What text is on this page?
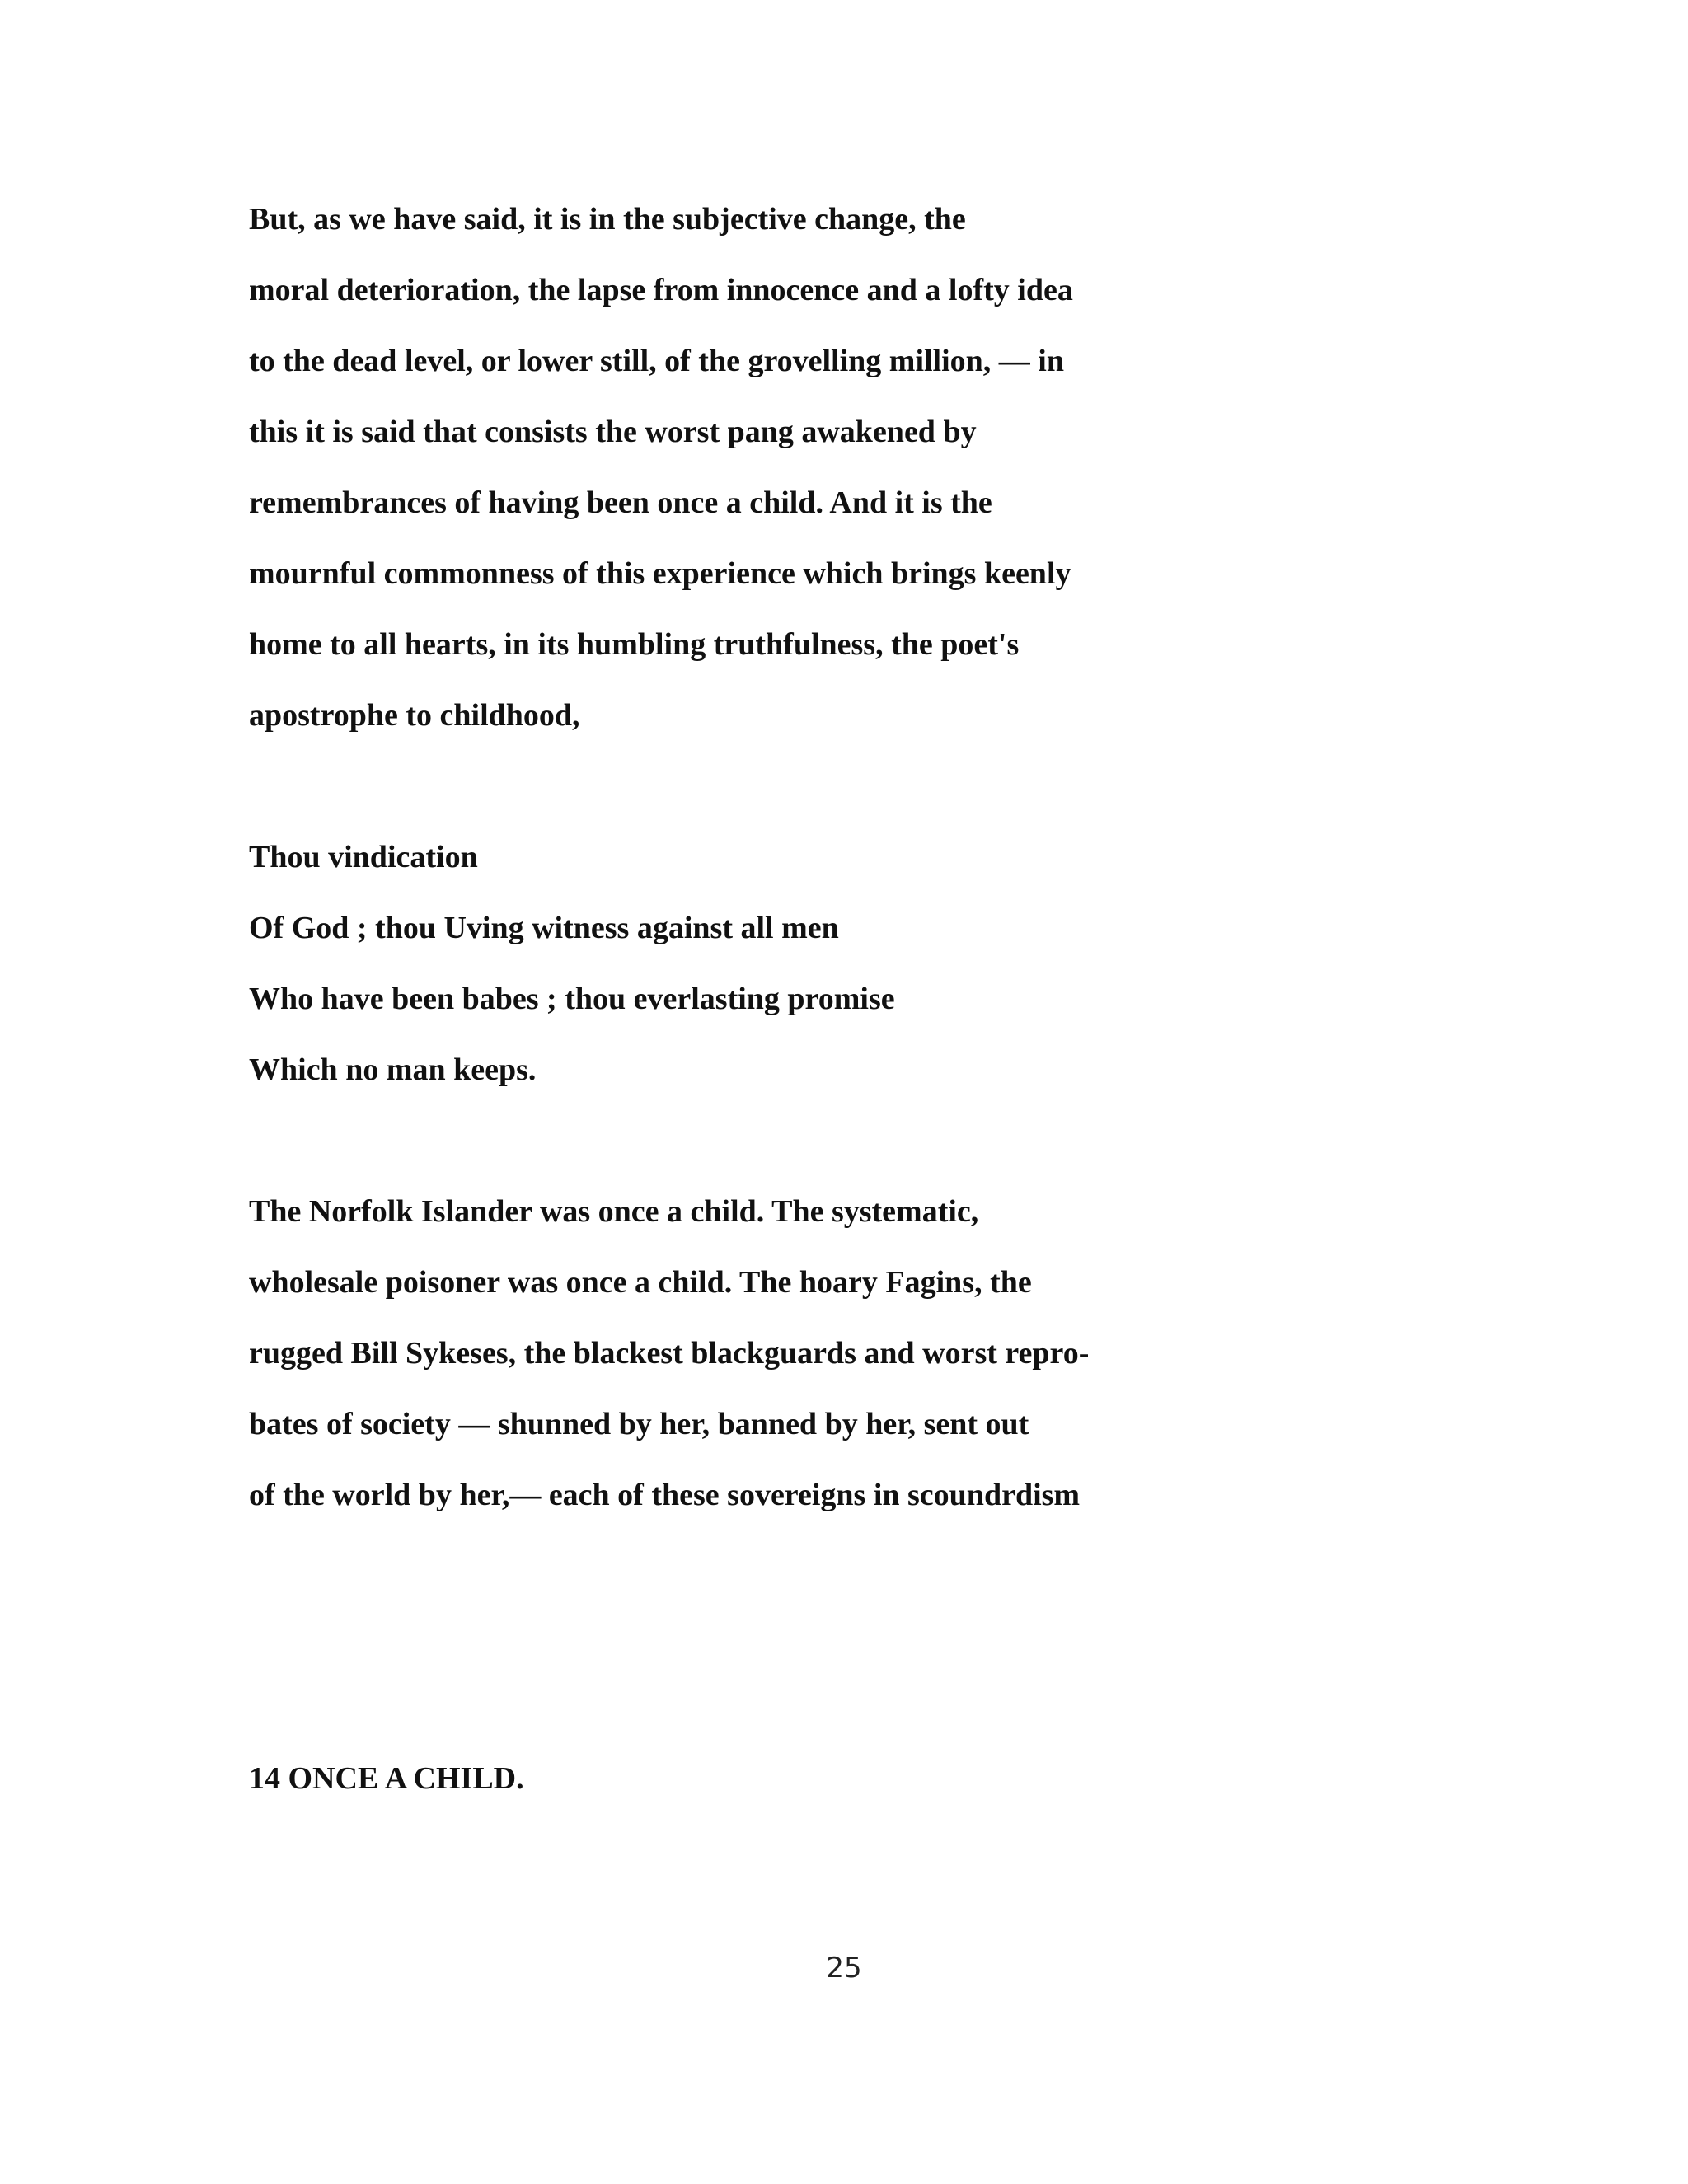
But, as we have said, it is in the subjective change, the

moral deterioration, the lapse from innocence and a lofty idea

to the dead level, or lower still, of the grovelling million, — in

this it is said that consists the worst pang awakened by

remembrances of having been once a child. And it is the

mournful commonness of this experience which brings keenly

home to all hearts, in its humbling truthfulness, the poet's

apostrophe to childhood,

Thou vindication

Of God ; thou Uving witness against all men

Who have been babes ; thou everlasting promise

Which no man keeps.

The Norfolk Islander was once a child. The systematic,

wholesale poisoner was once a child. The hoary Fagins, the

rugged Bill Sykeses, the blackest blackguards and worst repro-

bates of society — shunned by her, banned by her, sent out

of the world by her,— each of these sovereigns in scoundrdism

14 ONCE A CHILD.

25
